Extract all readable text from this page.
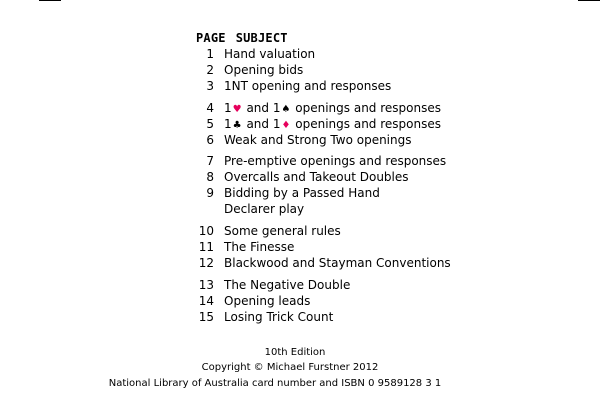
PAGE SUBJECT
1 Hand valuation
2 Opening bids
3 1NT opening and responses
4 1♥ and 1♠ openings and responses
5 1♣ and 1♦ openings and responses
6 Weak and Strong Two openings
7 Pre-emptive openings and responses
8 Overcalls and Takeout Doubles
9 Bidding by a Passed Hand
Declarer play
10 Some general rules
11 The Finesse
12 Blackwood and Stayman Conventions
13 The Negative Double
14 Opening leads
15 Losing Trick Count
10th Edition
Copyright © Michael Furstner 2012
National Library of Australia card number and ISBN 0 9589128 3 1
